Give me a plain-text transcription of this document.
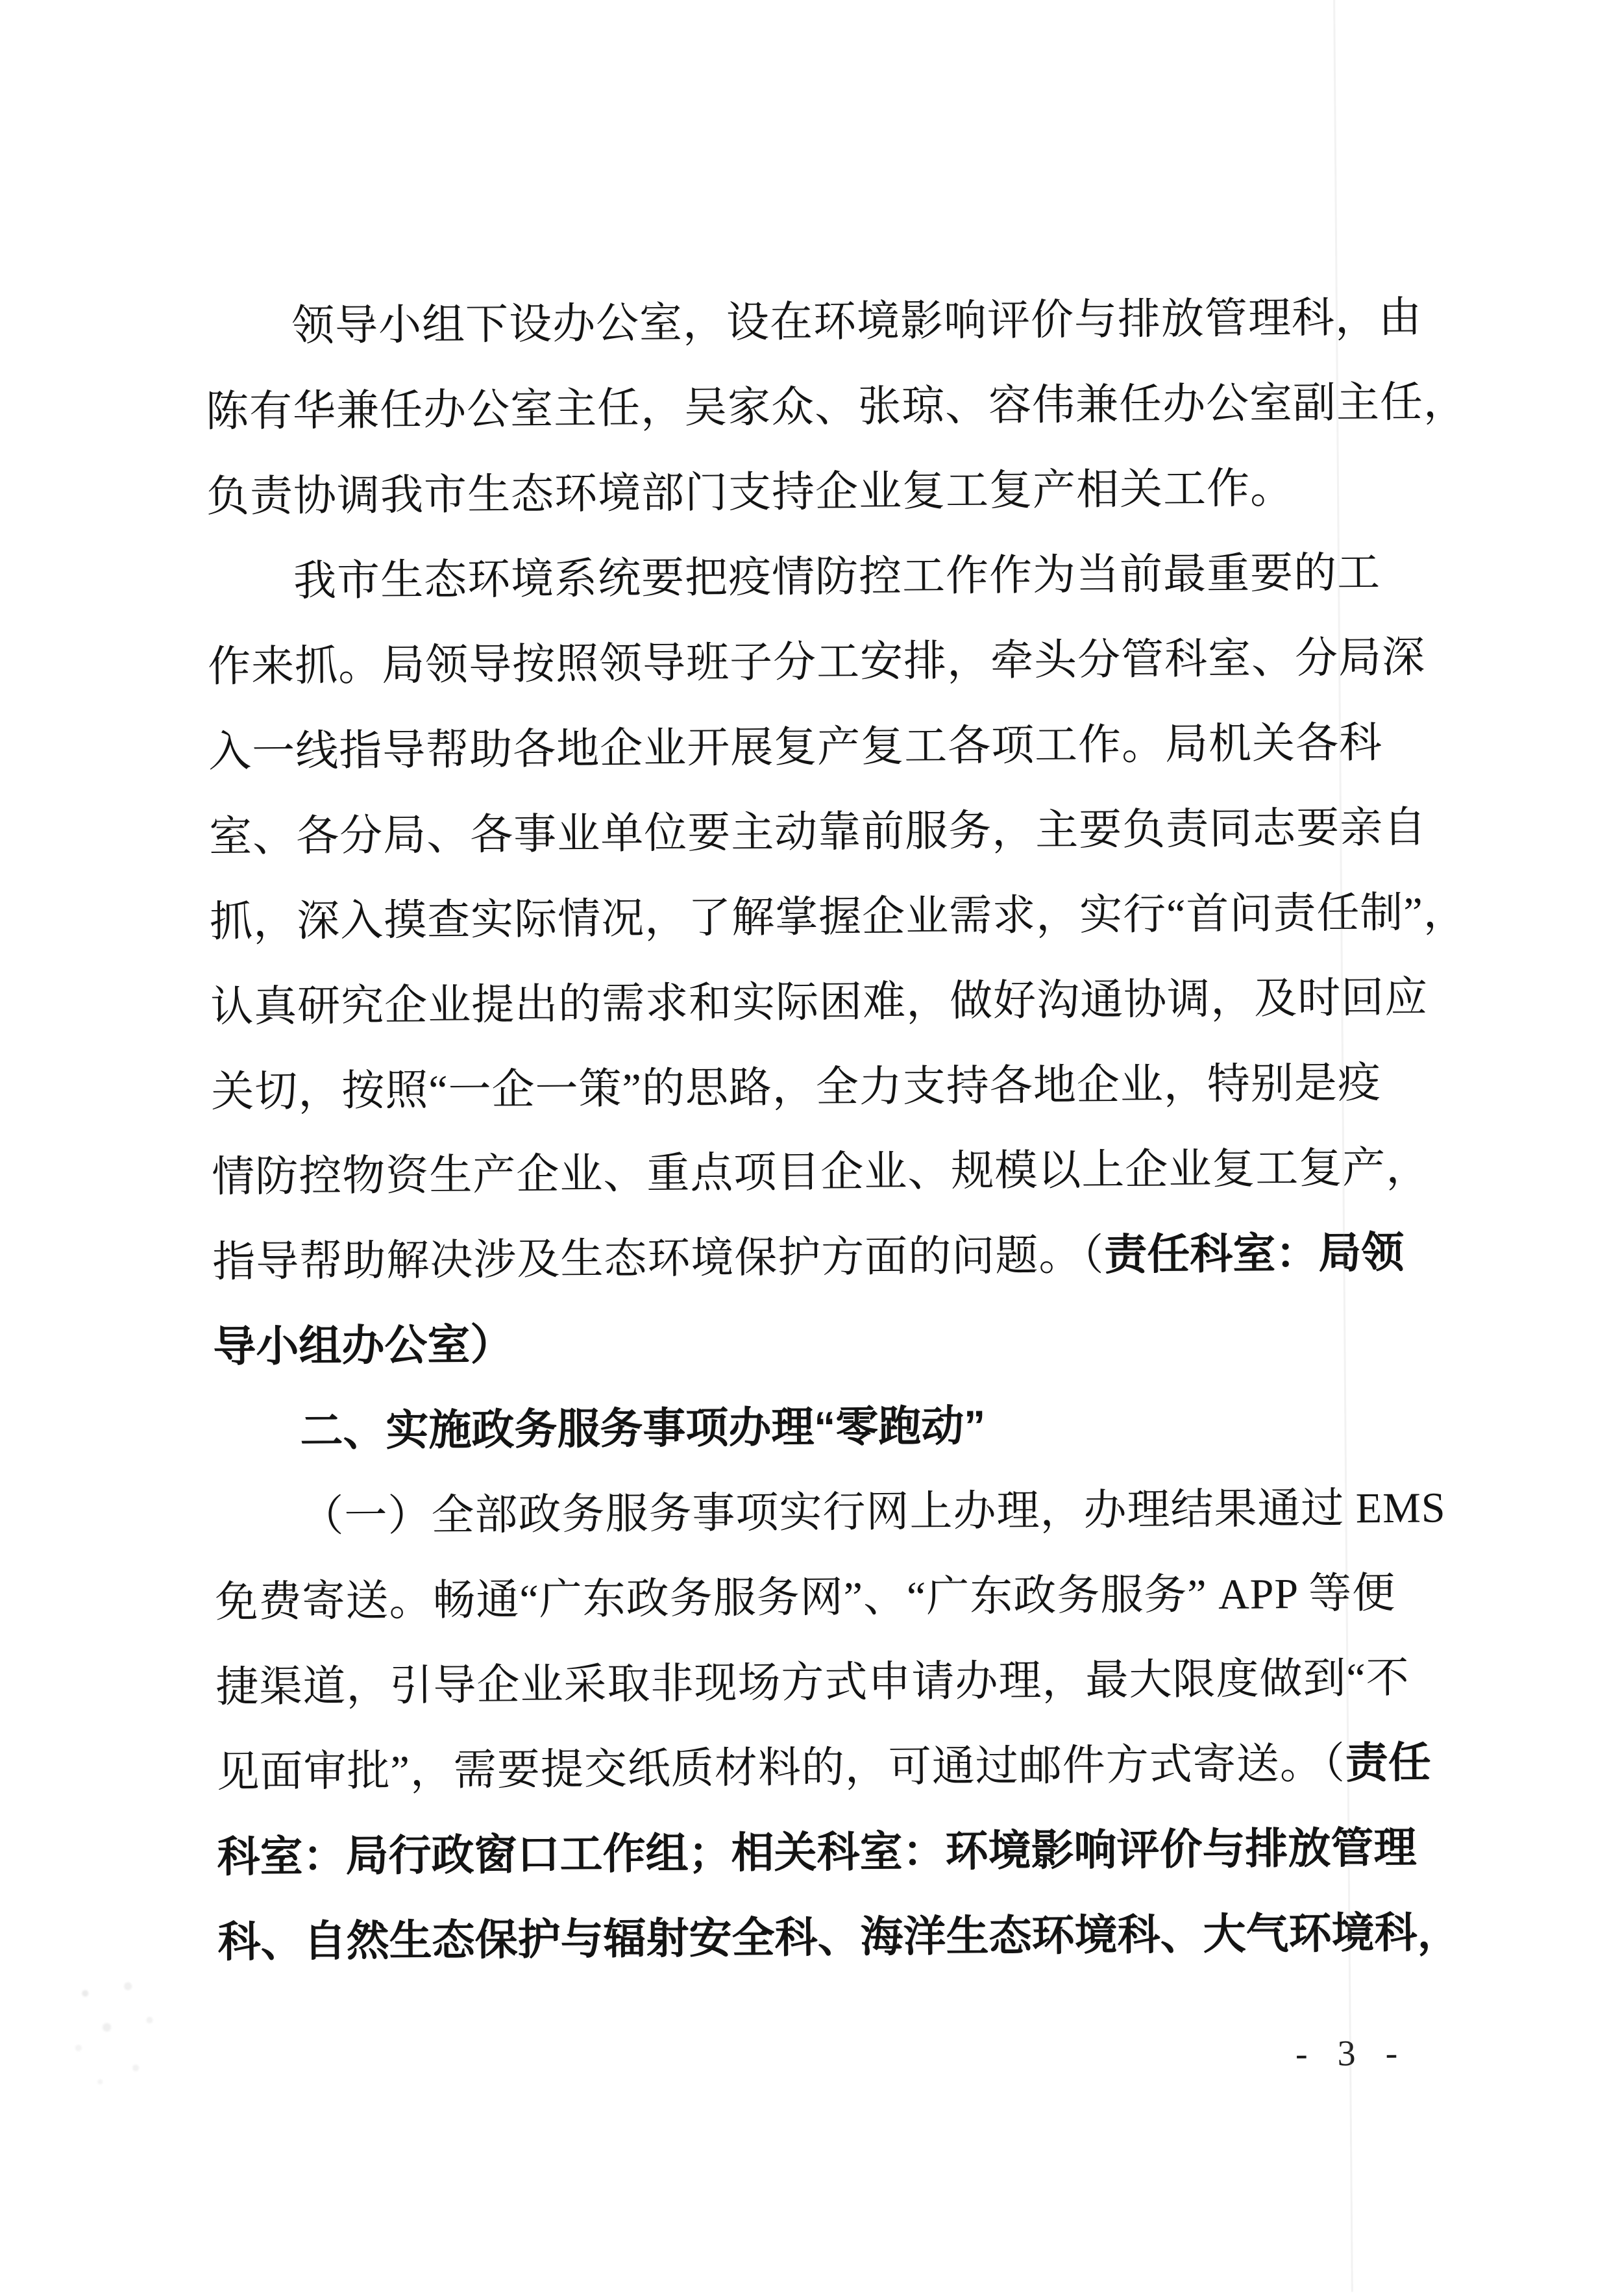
领导小组下设办公室，设在环境影响评价与排放管理科，由
陈有华兼任办公室主任，吴家众、张琼、容伟兼任办公室副主任，
负责协调我市生态环境部门支持企业复工复产相关工作。
我市生态环境系统要把疫情防控工作作为当前最重要的工
作来抓。局领导按照领导班子分工安排，牵头分管科室、分局深
入一线指导帮助各地企业开展复产复工各项工作。局机关各科
室、各分局、各事业单位要主动靠前服务，主要负责同志要亲自
抓，深入摸查实际情况，了解掌握企业需求，实行“首问责任制”，
认真研究企业提出的需求和实际困难，做好沟通协调，及时回应
关切，按照“一企一策”的思路，全力支持各地企业，特别是疫
情防控物资生产企业、重点项目企业、规模以上企业复工复产，
指导帮助解决涉及生态环境保护方面的问题。（责任科室：局领
导小组办公室）
二、实施政务服务事项办理“零跑动”
（一）全部政务服务事项实行网上办理，办理结果通过 EMS
免费寄送。畅通“广东政务服务网”、“广东政务服务” APP 等便
捷渠道，引导企业采取非现场方式申请办理，最大限度做到“不
见面审批”，需要提交纸质材料的，可通过邮件方式寄送。（责任
科室：局行政窗口工作组；相关科室：环境影响评价与排放管理
科、自然生态保护与辐射安全科、海洋生态环境科、大气环境科，
- 3 -
